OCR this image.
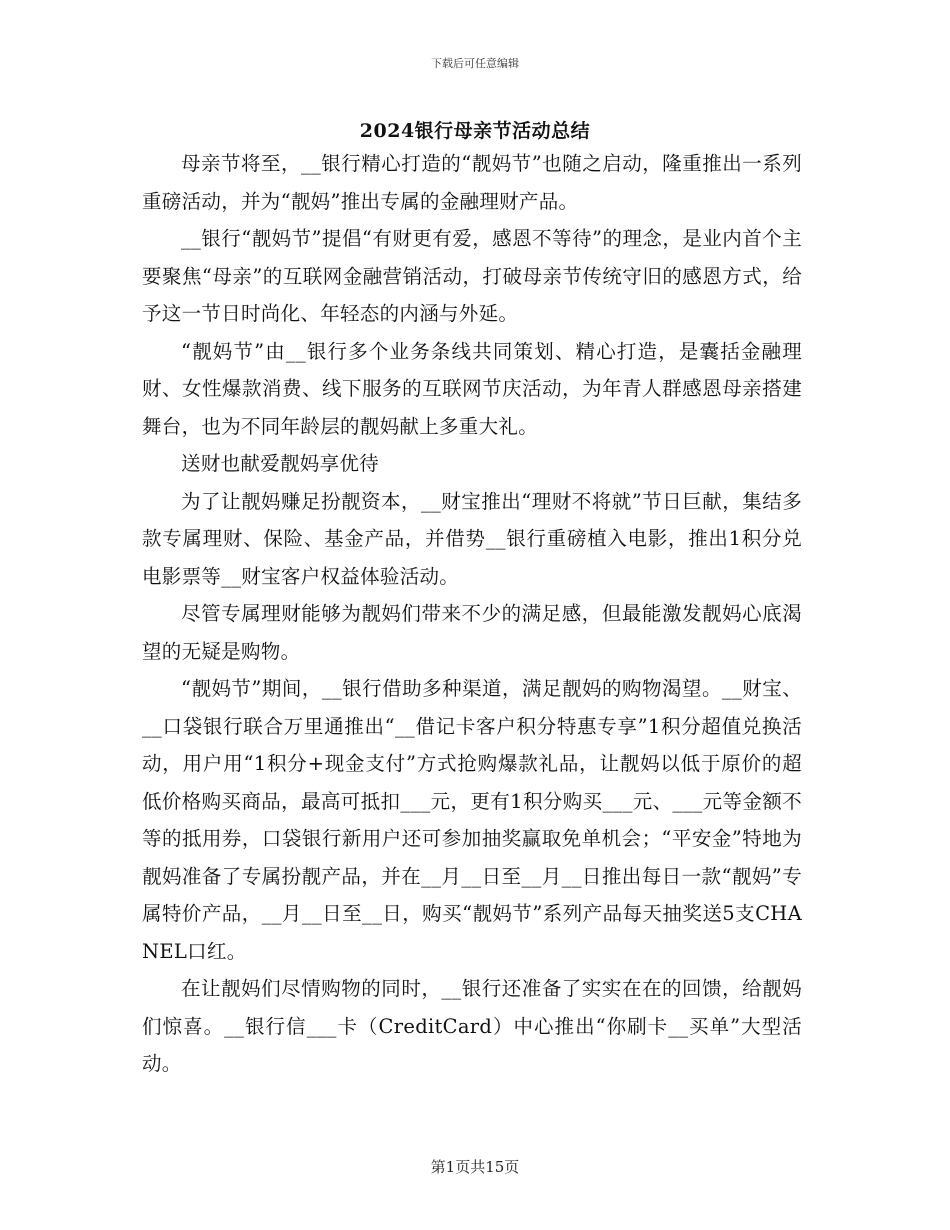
下载后可任意编辑
2024银行母亲节活动总结

母亲节将至，__银行精心打造的“靓妈节”也随之启动，隆重推出一系列重磅活动，并为“靓妈”推出专属的金融理财产品。

__银行“靓妈节”提倡“有财更有爱，感恩不等待”的理念，是业内首个主要聚焦“母亲”的互联网金融营销活动，打破母亲节传统守旧的感恩方式，给予这一节日时尚化、年轻态的内涵与外延。

“靓妈节”由__银行多个业务条线共同策划、精心打造，是囊括金融理财、女性爆款消费、线下服务的互联网节庆活动，为年青人群感恩母亲搭建舞台，也为不同年龄层的靓妈献上多重大礼。

送财也献爱靓妈享优待

为了让靓妈赚足扮靓资本，__财宝推出“理财不将就”节日巨献，集结多款专属理财、保险、基金产品，并借势__银行重磅植入电影，推出1积分兑电影票等__财宝客户权益体验活动。

尽管专属理财能够为靓妈们带来不少的满足感，但最能激发靓妈心底渴望的无疑是购物。

“靓妈节”期间，__银行借助多种渠道，满足靓妈的购物渴望。__财宝、__口袋银行联合万里通推出“__借记卡客户积分特惠专享”1积分超值兑换活动，用户用“1积分+现金支付”方式抢购爆款礼品，让靓妈以低于原价的超低价格购买商品，最高可抵扣___元，更有1积分购买___元、___元等金额不等的抵用券，口袋银行新用户还可参加抽奖赢取免单机会；“平安金”特地为靓妈准备了专属扮靓产品，并在__月__日至__月__日推出每日一款“靓妈”专属特价产品，__月__日至__日，购买“靓妈节”系列产品每天抽奖送5支CHANEL口红。

在让靓妈们尽情购物的同时，__银行还准备了实实在在的回馈，给靓妈们惊喜。__银行信___卡（CreditCard）中心推出“你刷卡__买单”大型活动。

第1页共15页
